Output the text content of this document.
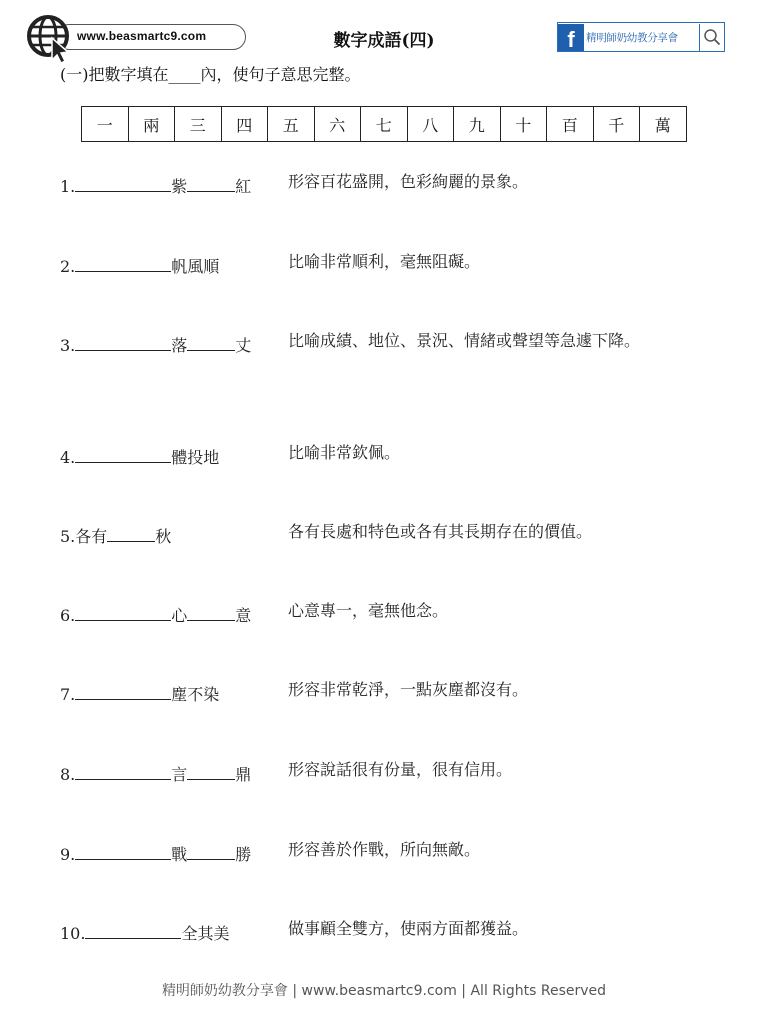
www.beasmartc9.com	數字成語(四)	f	精明師奶幼教分享會
(一)把數字填在____內，使句子意思完整。
一	兩	三	四	五	六	七	八	九	十	百	千	萬
1.	紫	紅 形容百花盛開，色彩絢麗的景象。
2.	帆風順	比喻非常順利，毫無阻礙。
3.	落	丈 比喻成績、地位、景況、情緒或聲望等急遽下降。
4.	體投地	比喻非常欽佩。
5.各有	秋	各有長處和特色或各有其長期存在的價值。
6.	心	意 心意專一，毫無他念。
7.	塵不染	形容非常乾淨，一點灰塵都沒有。
8.	言	鼎 形容說話很有份量，很有信用。
9.	戰	勝 形容善於作戰，所向無敵。
10.	全其美	做事顧全雙方，使兩方面都獲益。
精明師奶幼教分享會 | www.beasmartc9.com | All Rights Reserved
